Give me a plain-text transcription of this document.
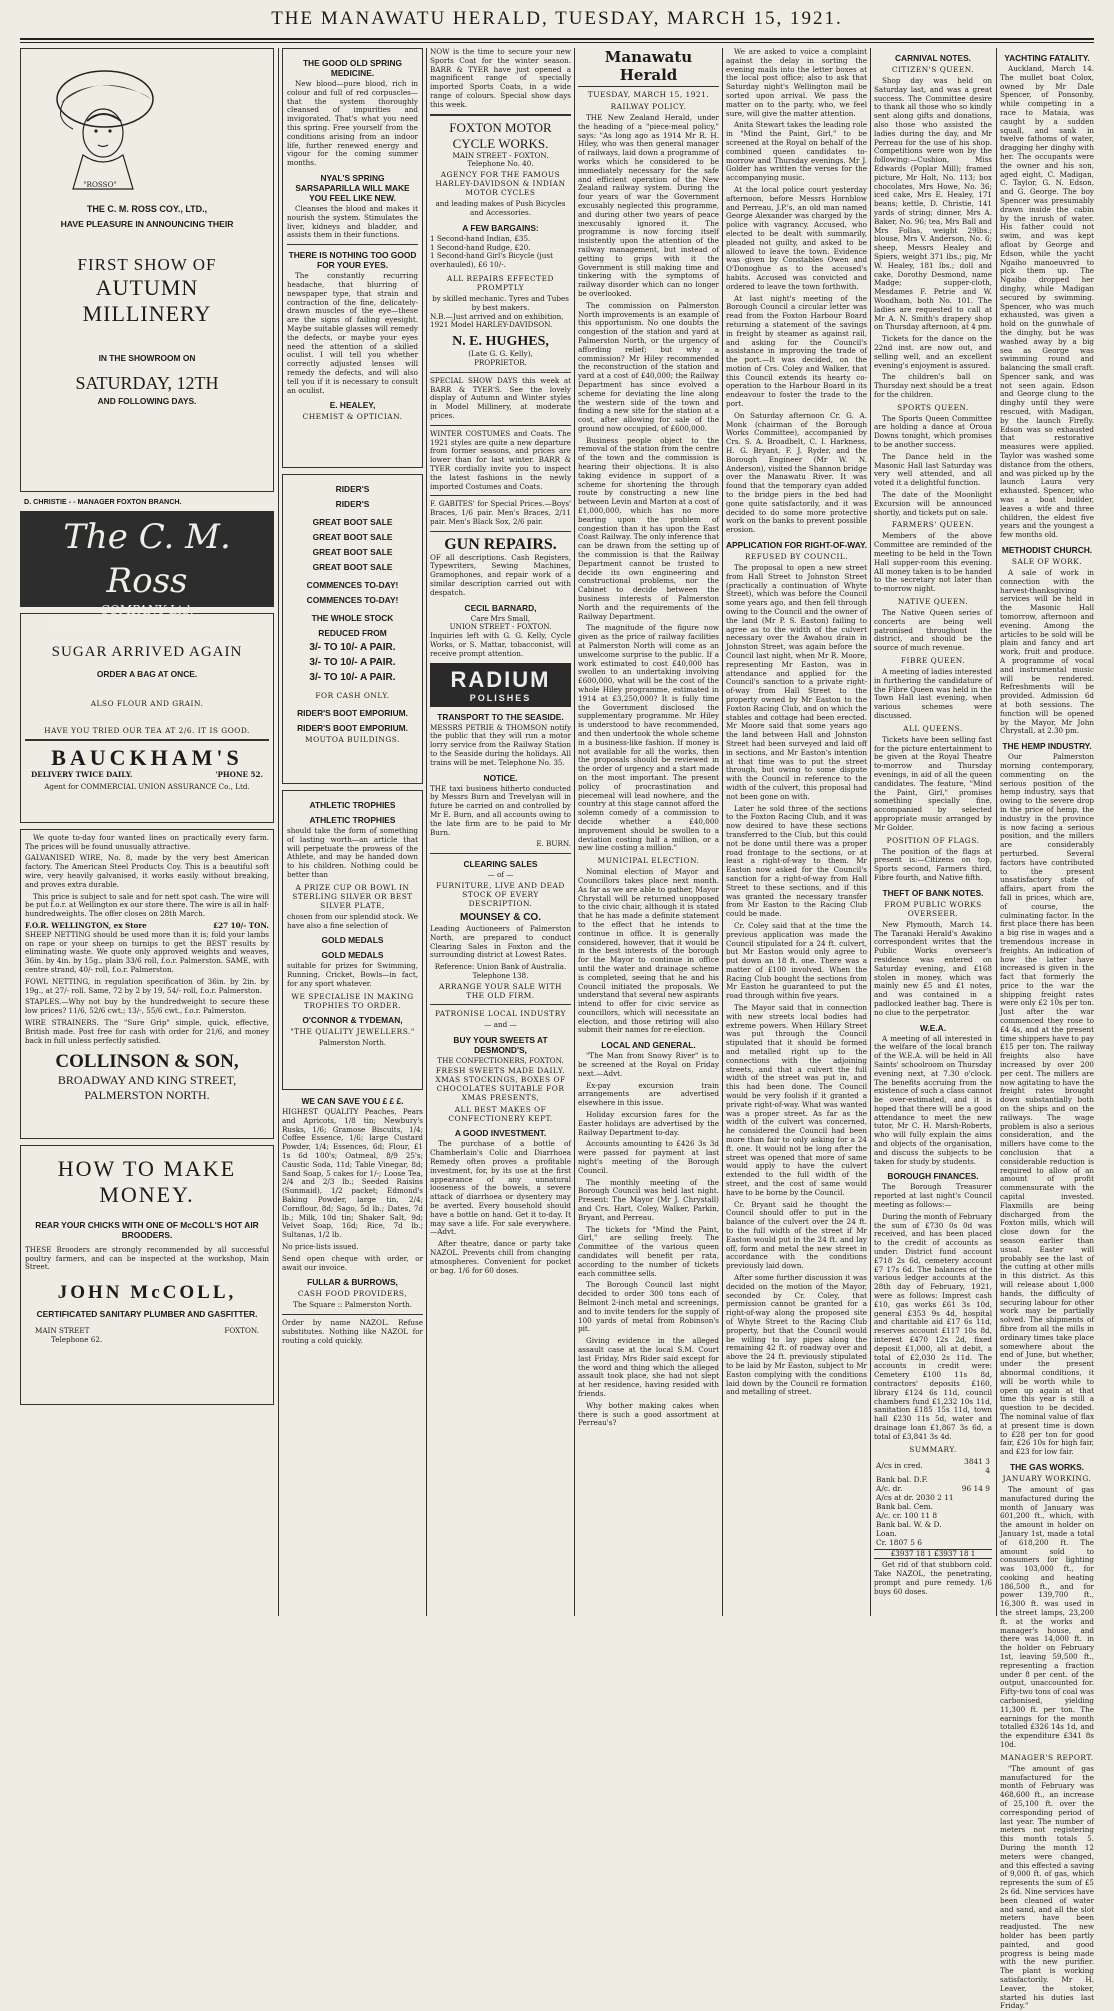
THE MANAWATU HERALD, TUESDAY, MARCH 15, 1921.
"ROSSO"
THE C. M. ROSS COY., LTD.,
HAVE PLEASURE IN ANNOUNCING THEIR
FIRST SHOW OF
AUTUMN MILLINERY
IN THE SHOWROOM ON
SATURDAY, 12TH
AND FOLLOWING DAYS.
D. CHRISTIE - - MANAGER FOXTON BRANCH.
The C. M. Ross
COMPANY Ltd.
PALMERSTON'S FASHION CENTRE
SUGAR ARRIVED AGAIN
ORDER A BAG AT ONCE.
ALSO FLOUR AND GRAIN.
HAVE YOU TRIED OUR TEA AT 2/6. IT IS GOOD.
BAUCKHAM'S
DELIVERY TWICE DAILY.	'PHONE 52.
Agent for COMMERCIAL UNION ASSURANCE Co., Ltd.

We quote to-day four wanted lines on practically every farm. The prices will be found unusually attractive.

GALVANISED WIRE, No. 8, made by the very best American factory. The American Steel Products Coy. This is a beautiful soft wire, very heavily galvanised, it works easily without breaking, and proves extra durable.

This price is subject to sale and for nett spot cash. The wire will be put f.o.r. at Wellington ex our store there. The wire is all in half-hundredweights. The offer closes on 28th March.

F.O.R. WELLINGTON, ex Store	£27 10/- TON.

SHEEP NETTING should be used more than it is; fold your lambs on rape or your sheep on turnips to get the BEST results by eliminating waste. We quote only approved weights and weaves, 36in. by 4in. by 15g., plain 33/6 roll, f.o.r. Palmerston. SAME, with centre strand, 40/- roll, f.o.r. Palmerston.

FOWL NETTING, in regulation specification of 36in. by 2in. by 19g., at 27/- roll. Same, 72 by 2 by 19, 54/- roll, f.o.r. Palmerston.

STAPLES.—Why not buy by the hundredweight to secure these low prices? 11/6, 52/6 cwt.; 13/-, 55/6 cwt., f.o.r. Palmerston.

WIRE STRAINERS. The "Sure Grip" simple, quick, effective, British made. Post free for cash with order for 21/6, and money back in full unless perfectly satisfied.

COLLINSON & SON,
BROADWAY AND KING STREET,
PALMERSTON NORTH.
HOW TO MAKE
MONEY.
REAR YOUR CHICKS WITH ONE OF McCOLL'S HOT AIR BROODERS.

THESE Brooders are strongly recommended by all successful poultry farmers, and can be inspected at the workshop, Main Street.

JOHN McCOLL,
CERTIFICATED SANITARY PLUMBER AND GASFITTER.
MAIN STREET	FOXTON.
Telephone 62.
THE GOOD OLD SPRING MEDICINE.

New blood—pure blood, rich in colour and full of red corpuscles—that the system thoroughly cleansed of impurities and invigorated. That's what you need this spring. Free yourself from the conditions arising from an indoor life, further renewed energy and vigour for the coming summer months.

NYAL'S SPRING SARSAPARILLA WILL MAKE YOU FEEL LIKE NEW.

Cleanses the blood and makes it nourish the system. Stimulates the liver, kidneys and bladder, and assists them in their functions.

THERE IS NOTHING TOO GOOD FOR YOUR EYES.

The constantly recurring headache, that blurring of newspaper type, that strain and contraction of the fine, delicately-drawn muscles of the eye—these are the signs of failing eyesight. Maybe suitable glasses will remedy the defects, or maybe your eyes need the attention of a skilled oculist. I will tell you whether correctly adjusted lenses will remedy the defects, and will also tell you if it is necessary to consult an oculist.

E. HEALEY,
CHEMIST & OPTICIAN.
RIDER'S
RIDER'S
GREAT BOOT SALE
GREAT BOOT SALE
GREAT BOOT SALE
GREAT BOOT SALE
COMMENCES TO-DAY!
COMMENCES TO-DAY!
THE WHOLE STOCK
REDUCED FROM
3/- TO 10/- A PAIR.
3/- TO 10/- A PAIR.
3/- TO 10/- A PAIR.
FOR CASH ONLY.
RIDER'S BOOT EMPORIUM.
RIDER'S BOOT EMPORIUM.
MOUTOA BUILDINGS.
ATHLETIC TROPHIES
ATHLETIC TROPHIES

should take the form of something of lasting worth—an article that will perpetuate the prowess of the Athlete, and may be handed down to his children. Nothing could be better than

A PRIZE CUP OR BOWL IN STERLING SILVER OR BEST SILVER PLATE,

chosen from our splendid stock. We have also a fine selection of

GOLD MEDALS
GOLD MEDALS

suitable for prizes for Swimming, Running, Cricket, Bowls—in fact, for any sport whatever.

WE SPECIALISE IN MAKING TROPHIES TO ORDER.
O'CONNOR & TYDEMAN,
"THE QUALITY JEWELLERS."
Palmerston North.
WE CAN SAVE YOU £ £ £.

HIGHEST QUALITY Peaches, Pears and Apricots, 1/8 tin; Newbury's Rusks, 1/6; Gramose Biscuits, 1/4; Coffee Essence, 1/6; large Custard Powder, 1/4; Essences, 6d; Flour, £1 1s 6d 100's; Oatmeal, 8/9 25's; Caustic Soda, 11d; Table Vinegar, 8d; Sand Soap, 5 cakes for 1/-; Loose Tea, 2/4 and 2/3 lb.; Seeded Raisins (Sunmaid), 1/2 packet; Edmond's Baking Powder, large tin, 2/4; Cornflour, 8d; Sago, 5d lb.; Dates, 7d lb.; Milk, 10d tin; Shaker Salt, 9d; Velvet Soap, 16d; Rice, 7d lb.; Sultanas, 1/2 lb.

No price-lists issued.

Send open cheque with order, or await our invoice.

FULLAR & BURROWS,
CASH FOOD PROVIDERS,
The Square :: Palmerston North.

Order by name NAZOL. Refuse substitutes. Nothing like NAZOL for routing a cold quickly.

NOW is the time to secure your new Sports Coat for the winter season. BARR & TYER have just opened a magnificent range of specially imported Sports Coats, in a wide range of colours. Special show days this week.

FOXTON MOTOR CYCLE WORKS.
MAIN STREET - FOXTON.
Telephone No. 40.
AGENCY FOR THE FAMOUS HARLEY-DAVIDSON & INDIAN MOTOR CYCLES
and leading makes of Push Bicycles and Accessories.
A FEW BARGAINS:
1 Second-hand Indian, £35.
1 Second-hand Rudge, £20.
1 Second-hand Girl's Bicycle (just overhauled), £6 10/-.
ALL REPAIRS EFFECTED PROMPTLY
by skilled mechanic. Tyres and Tubes by best makers.
N.B.—Just arrived and on exhibition, 1921 Model HARLEY-DAVIDSON.
N. E. HUGHES,
(Late G. G. Kelly),
PROPRIETOR.

SPECIAL SHOW DAYS this week at BARR & TYER'S. See the lovely display of Autumn and Winter styles in Model Millinery, at moderate prices.

WINTER COSTUMES and Coats. The 1921 styles are quite a new departure from former seasons, and prices are lower than for last winter. BARR & TYER cordially invite you to inspect the latest fashions in the newly imported Costumes and Coats.

F. GABITES' for Special Prices.—Boys' Braces, 1/6 pair. Men's Braces, 2/11 pair. Men's Black Sox, 2/6 pair.

GUN REPAIRS.

OF all descriptions. Cash Registers, Typewriters, Sewing Machines, Gramophones, and repair work of a similar description carried out with despatch.

CECIL BARNARD,
Care Mrs Small,
UNION STREET - FOXTON.

Inquiries left with G. G. Kelly, Cycle Works, or S. Mattar, tobacconist, will receive prompt attention.

RADIUM
POLISHES
TRANSPORT TO THE SEASIDE.

MESSRS PETRIE & THOMSON notify the public that they will run a motor lorry service from the Railway Station to the Seaside during the holidays. All trains will be met. Telephone No. 35.

NOTICE.

THE taxi business hitherto conducted by Messrs Burn and Trevelyan will in future be carried on and controlled by Mr E. Burn, and all accounts owing to the late firm are to be paid to Mr Burn.

E. BURN.
CLEARING SALES
— of —
FURNITURE, LIVE AND DEAD STOCK OF EVERY DESCRIPTION.
MOUNSEY & CO.

Leading Auctioneers of Palmerston North, are prepared to conduct Clearing Sales in Foxton and the surrounding district at Lowest Rates.

Reference: Union Bank of Australia.
Telephone 138.
ARRANGE YOUR SALE WITH THE OLD FIRM.
PATRONISE LOCAL INDUSTRY
— and —
BUY YOUR SWEETS AT DESMOND'S,
THE CONFECTIONERS, FOXTON.
FRESH SWEETS MADE DAILY. XMAS STOCKINGS, BOXES OF CHOCOLATES SUITABLE FOR XMAS PRESENTS,
ALL BEST MAKES OF CONFECTIONERY KEPT.
A GOOD INVESTMENT.

The purchase of a bottle of Chamberlain's Colic and Diarrhoea Remedy often proves a profitable investment, for, by its use at the first appearance of any unnatural looseness of the bowels, a severe attack of diarrhoea or dysentery may be averted. Every household should have a bottle on hand. Get it to-day. It may save a life. For sale everywhere.—Advt.

After theatre, dance or party take NAZOL. Prevents chill from changing atmospheres. Convenient for pocket or bag. 1/6 for 60 doses.

Manawatu Herald
TUESDAY, MARCH 15, 1921.
RAILWAY POLICY.

THE New Zealand Herald, under the heading of a "piece-meal policy," says: "As long ago as 1914 Mr R. H. Hiley, who was then general manager of railways, laid down a programme of works which he considered to be immediately necessary for the safe and efficient operation of the New Zealand railway system. During the four years of war the Government excusably neglected this programme, and during other two years of peace inexcusably ignored it. The programme is now forcing itself insistently upon the attention of the railway management, but instead of getting to grips with it the Government is still making time and tinkering with the symptoms of railway disorder which can no longer be overlooked.

The commission on Palmerston North improvements is an example of this opportunism. No one doubts the congestion of the station and yard at Palmerston North, or the urgency of affording relief; but why a commission? Mr Hiley recommended the reconstruction of the station and yard at a cost of £40,000; the Railway Department has since evolved a scheme for deviating the line along the western side of the town and finding a new site for the station at a cost, after allowing for sale of the ground now occupied, of £600,000.

Business people object to the removal of the station from the centre of the town and the commission is hearing their objections. It is also taking evidence in support of a scheme for shortening the through route by constructing a new line between Levin and Marton at a cost of £1,000,000, which has no more bearing upon the problem of congestion than it has upon the East Coast Railway. The only inference that can be drawn from the setting up of the commission is that the Railway Department cannot be trusted to decide its own engineering and constructional problems, nor the Cabinet to decide between the business interests of Palmerston North and the requirements of the Railway Department.

The magnitude of the figure now given as the price of railway facilities at Palmerston North will come as an unwelcome surprise to the public. If a work estimated to cost £40,000 has swollen to an undertaking involving £600,000, what will be the cost of the whole Hiley programme, estimated in 1914 at £3,250,000? It is fully time the Government disclosed the supplementary programme. Mr Hiley is understood to have recommended, and then undertook the whole scheme in a business-like fashion. If money is not available for all the works, then the proposals should be reviewed in the order of urgency and a start made on the most important. The present policy of procrastination and piecemeal will lead nowhere, and the country at this stage cannot afford the solemn comedy of a commission to decide whether a £40,000 improvement should be swollen to a deviation costing half a million, or a new line costing a million."

MUNICIPAL ELECTION.

Nominal election of Mayor and Councillors takes place next month. As far as we are able to gather, Mayor Chrystall will be returned unopposed to the civic chair, although it is stated that he has made a definite statement to the effect that he intends to continue in office. It is generally considered, however, that it would be in the best interests of the borough for the Mayor to continue in office until the water and drainage scheme is completed, seeing that he and his Council initiated the proposals. We understand that several new aspirants intend to offer for civic service as councillors, which will necessitate an election, and those retiring will also submit their names for re-election.

LOCAL AND GENERAL.

"The Man from Snowy River" is to be screened at the Royal on Friday next.—Advt.

Ex-pay excursion train arrangements are advertised elsewhere in this issue.

Holiday excursion fares for the Easter holidays are advertised by the Railway Department to-day.

Accounts amounting to £426 3s 3d were passed for payment at last night's meeting of the Borough Council.

The monthly meeting of the Borough Council was held last night. Present: The Mayor (Mr J. Chrystall) and Crs. Hart, Coley, Walker, Parkin, Bryant, and Perreau.

The tickets for "Mind the Paint, Girl," are selling freely. The Committee of the various queen candidates will benefit per rata, according to the number of tickets each committee sells.

The Borough Council last night decided to order 300 tons each of Belmont 2-inch metal and screenings, and to invite tenders for the supply of 100 yards of metal from Robinson's pit.

Giving evidence in the alleged assault case at the local S.M. Court last Friday, Mrs Rider said except for the word and thing which the alleged assault took place, she had not slept at her residence, having resided with friends.

Why bother making cakes when there is such a good assortment at Perreau's?

We are asked to voice a complaint against the delay in sorting the evening mails into the letter boxes at the local post office; also to ask that Saturday night's Wellington mail be sorted upon arrival. We pass the matter on to the party, who, we feel sure, will give the matter attention.

Anita Stewart takes the leading role in "Mind the Paint, Girl," to be screened at the Royal on behalf of the combined queen candidates to-morrow and Thursday evenings. Mr J. Golder has written the verses for the accompanying music.

At the local police court yesterday afternoon, before Messrs Hornblow and Perreau, J.P.'s, an old man named George Alexander was charged by the police with vagrancy. Accused, who elected to be dealt with summarily, pleaded not guilty, and asked to be allowed to leave the town. Evidence was given by Constables Owen and O'Donoghue as to the accused's habits. Accused was convicted and ordered to leave the town forthwith.

At last night's meeting of the Borough Council a circular letter was read from the Foxton Harbour Board returning a statement of the savings in freight by steamer as against rail, and asking for the Council's assistance in improving the trade of the port.—It was decided, on the motion of Crs. Coley and Walker, that this Council extends its hearty co-operation to the Harbour Board in its endeavour to foster the trade to the port.

On Saturday afternoon Cr. G. A. Monk (chairman of the Borough Works Committee), accompanied by Crs. S. A. Broadbelt, C. I. Harkness, H. G. Bryant, F. J. Ryder, and the Borough Engineer (Mr W. N. Anderson), visited the Shannon bridge over the Manawatu River. It was found that the temporary cyan added to the bridge piers in the bed had gone quite satisfactorily, and it was decided to do some more protective work on the banks to prevent possible erosion.

APPLICATION FOR RIGHT-OF-WAY.
REFUSED BY COUNCIL.

The proposal to open a new street from Hall Street to Johnston Street (practically a continuation of Whyte Street), which was before the Council some years ago, and then fell through owing to the Council and the owner of the land (Mr P. S. Easton) failing to agree as to the width of the culvert necessary over the Awahou drain in Johnston Street, was again before the Council last night, when Mr R. Moore, representing Mr Easton, was in attendance and applied for the Council's sanction to a private right-of-way from Hall Street to the property owned by Mr Easton to the Foxton Racing Club, and on which the stables and cottage had been erected. Mr Moore said that some years ago the land between Hall and Johnston Street had been surveyed and laid off in sections, and Mr Easton's intention at that time was to put the street through, but owing to some dispute with the Council in reference to the width of the culvert, this proposal had not been gone on with.

Later he sold three of the sections to the Foxton Racing Club, and it was now desired to have these sections transferred to the Club, but this could not be done until there was a proper road frontage to the sections, or at least a right-of-way to them. Mr Easton now asked for the Council's sanction for a right-of-way from Hall Street to these sections, and if this was granted the necessary transfer from Mr Easton to the Racing Club could be made.

Cr. Coley said that at the time the previous application was made the Council stipulated for a 24 ft. culvert, but Mr Easton would only agree to put down an 18 ft. one. There was a matter of £100 involved. When the Racing Club bought the sections from Mr Easton he guaranteed to put the road through within five years.

The Mayor said that in connection with new streets local bodies had extreme powers. When Hillary Street was put through the Council stipulated that it should be formed and metalled right up to the connections with the adjoining streets, and that a culvert the full width of the street was put in, and this had been done. The Council would be very foolish if it granted a private right-of-way. What was wanted was a proper street. As far as the width of the culvert was concerned, he considered the Council had been more than fair to only asking for a 24 ft. one. It would not be long after the street was opened that more of same would apply to have the culvert extended to the full width of the street, and the cost of same would have to be borne by the Council.

Cr. Bryant said he thought the Council should offer to put in the balance of the culvert over the 24 ft. to the full width of the street if Mr Easton would put in the 24 ft. and lay off, form and metal the new street in accordance with the conditions previously laid down.

After some further discussion it was decided on the motion of the Mayor, seconded by Cr. Coley, that permission cannot be granted for a right-of-way along the proposed site of Whyte Street to the Racing Club property, but that the Council would be willing to lay pipes along the remaining 42 ft. of roadway over and above the 24 ft. previously stipulated to be laid by Mr Easton, subject to Mr Easton complying with the conditions laid down by the Council re formation and metalling of street.

CARNIVAL NOTES.
CITIZEN'S QUEEN.

Shop day was held on Saturday last, and was a great success. The Committee desire to thank all those who so kindly sent along gifts and donations, also those who assisted the ladies during the day, and Mr Perreau for the use of his shop. Competitions were won by the following:—Cushion, Miss Edwards (Poplar Mill); framed picture, Mr Holt, No. 113; box chocolates, Mrs Howe, No. 36; iced cake, Mrs E. Healey, 171 beans; kettle, D. Christie, 141 yards of string; dinner, Mrs A. Baker, No. 96; tea, Mrs Ball and Mrs Follas, weight 29lbs.; blouse, Mrs V. Anderson, No. 6; sheep, Messrs Healey and Spiers, weight 371 lbs.; pig, Mr W. Healey, 181 lbs.; doll and cake, Dorothy Desmond, name Madge; supper-cloth, Mesdames F. Petrie and W. Woodham, both No. 101. The ladies are requested to call at Mr A. N. Smith's drapery shop on Thursday afternoon, at 4 pm.

Tickets for the dance on the 22nd inst. are now out, and selling well, and an excellent evening's enjoyment is assured.

The children's ball on Thursday next should be a treat for the children.

SPORTS QUEEN.

The Sports Queen Committee are holding a dance at Oroua Downs tonight, which promises to be another success.

The Dance held in the Masonic Hall last Saturday was very well attended, and all voted it a delightful function.

The date of the Moonlight Excursion will be announced shortly, and tickets put on sale.

FARMERS' QUEEN.

Members of the above Committee are reminded of the meeting to be held in the Town Hall supper-room this evening. All money taken is to be handed to the secretary not later than to-morrow night.

NATIVE QUEEN.

The Native Queen series of concerts are being well patronised throughout the district, and should be the source of much revenue.

FIBRE QUEEN.

A meeting of ladies interested in furthering the candidature of the Fibre Queen was held in the Town Hall last evening, when various schemes were discussed.

ALL QUEENS.

Tickets have been selling fast for the picture entertainment to be given at the Royal Theatre to-morrow and Thursday evenings, in aid of all the queen candidates. The feature, "Mind the Paint, Girl," promises something specially fine, accompanied by selected appropriate music arranged by Mr Golder.

POSITION OF FLAGS.

The position of the flags at present is:—Citizens on top, Sports second, Farmers third, Fibre fourth, and Native fifth.

THEFT OF BANK NOTES.
FROM PUBLIC WORKS OVERSEER.

New Plymouth, March 14. The Taranaki Herald's Awakino correspondent writes that the Public Works overseer's residence was entered on Saturday evening, and £168 stolen in money, which was mainly new £5 and £1 notes, and was contained in a padlocked leather bag. There is no clue to the perpetrator.

W.E.A.

A meeting of all interested in the welfare of the local branch of the W.E.A. will be held in All Saints' schoolroom on Thursday evening next, at 7.30 o'clock. The benefits accruing from the existence of such a class cannot be over-estimated, and it is hoped that there will be a good attendance to meet the new tutor, Mr C. H. Marsh-Roberts, who will fully explain the aims and objects of the organisation, and discuss the subjects to be taken for study by students.

BOROUGH FINANCES.

The Borough Treasurer reported at last night's Council meeting as follows:—

During the month of February the sum of £730 0s 0d was received, and has been placed to the credit of accounts as under: District fund account £718 2s 6d, cemetery account £7 17s 6d. The balances of the various ledger accounts at the 28th day of February, 1921, were as follows: Imprest cash £10, gas works £61 3s 10d, general £353 9s 4d, hospital and charitable aid £17 6s 11d, reserves account £117 10s 8d, interest £470 12s 2d, fixed deposit £1,000, all at debit, a total of £2,030 2s 11d. The accounts in credit were: Cemetery £100 11s 8d, contractors' deposits £160, library £124 6s 11d, council chambers fund £1,232 10s 11d, sanitation £185 15s 11d, town hall £230 11s 5d, water and drainage loan £1,867 3s 6d, a total of £3,841 3s 4d.

SUMMARY.
A/cs in cred.	3841 3 4
Bank bal. D.F.	
A/c. dr.	96 14 9
A/cs at dr. 2030 2 11	
Bank bal. Cem.	
A/c. cr. 100 11 8	
Bank bal. W. & D. Loan.	
Cr. 1807 5 6	
£3937 18 1 £3937 18 1

Get rid of that stubborn cold. Take NAZOL, the penetrating, prompt and pure remedy. 1/6 buys 60 doses.

YACHTING FATALITY.

Auckland, March 14. The mullet boat Colox, owned by Mr Dale Spencer, of Ponsonby, while competing in a race to Mataia, was caught by a sudden squall, and sank in twelve fathoms of water, dragging her dinghy with her. The occupants were the owner and his son, aged eight, C. Madigan, C. Taylor, G. N. Edson, and G. George. The boy Spencer was presumably drawn inside the cabin by the inrush of water. His father could not swim, and was kept afloat by George and Edson, while the yacht Ngaiho manoeuvred to pick them up. The Ngaiho dropped her dinghy, while Madigan secured by swimming. Spencer, who was much exhausted, was given a hold on the gunwhale of the dinghy, but he was washed away by a big sea as George was swimming round and balancing the small craft. Spencer sank, and was not seen again. Edson and George clung to the dinghy until they were rescued, with Madigan, by the launch Firefly. Edson was so exhausted that restorative measures were applied. Taylor was washed some distance from the others, and was picked up by the launch Laura very exhausted. Spencer, who was a boat builder, leaves a wife and three children, the eldest five years and the youngest a few months old.

METHODIST CHURCH.
SALE OF WORK.

A sale of work in connection with the harvest-thanksgiving services will be held in the Masonic Hall tomorrow, afternoon and evening. Among the articles to be sold will be plain and fancy and art work, fruit and produce. A programme of vocal and instrumental music will be rendered. Refreshments will be provided. Admission 6d at both sessions. The function will be opened by the Mayor, Mr John Chrystall, at 2.30 pm.

THE HEMP INDUSTRY.

Our Palmerston morning contemporary, commenting on the serious position of the hemp industry, says that owing to the severe drop in the price of hemp, the industry in the province is now facing a serious position, and the millers are considerably perturbed. Several factors have contributed to the present unsatisfactory state of affairs, apart from the fall in prices, which are, of course, the culminating factor. In the first place there has been a big rise in wages and a tremendous increase in freights. An indication of how the latter have increased is given in the fact that formerly the price to the war the shipping freight rates were only £2 10s per ton. Just after the war commenced they rose to £4 4s, and at the present time shippers have to pay £15 per ton. The railway freights also have increased by over 200 per cent. The millers are now agitating to have the freight rates brought down substantially both on the ships and on the railways. The wage problem is also a serious consideration, and the millers have come to the conclusion that a considerable reduction is required to allow of an amount of profit commensurate with the capital invested. Flaxmills are being discharged from the Foxton mills, which will close down for the season earlier than usual. Easter will probably see the last of the cutting at other mills in this district. As this will release about 1,000 hands, the difficulty of securing labour for other work may be partially solved. The shipments of fibre from all the mills in ordinary times take place somewhere about the end of June, but whether, under the present abnormal conditions, it will be worth while to open up again at that time this year is still a question to be decided. The nominal value of flax at present time is down to £28 per ton for good fair, £26 10s for high fair, and £23 for low fair.

THE GAS WORKS.
JANUARY WORKING.

The amount of gas manufactured during the month of January was 601,200 ft., which, with the amount in holder on January 1st, made a total of 618,200 ft. The amount sold to consumers for lighting was 103,000 ft., for cooking and heating 186,500 ft., and for power 139,700 ft., 16,300 ft. was used in the street lamps, 23,200 ft. at the works and manager's house, and there was 14,000 ft. in the holder on February 1st, leaving 59,500 ft., representing a fraction under 8 per cent. of the output, unaccounted for. Fifty-two tons of coal was carbonised, yielding 11,300 ft. per ton. The earnings for the month totalled £326 14s 1d, and the expenditure £341 8s 10d.

MANAGER'S REPORT.

"The amount of gas manufactured for the month of February was 468,600 ft., an increase of 25,100 ft. over the corresponding period of last year. The number of meters not registering this month totals 5. During the month 12 meters were changed, and this effected a saving of 9,000 ft. of gas, which represents the sum of £5 2s 6d. Nine services have been cleaned of water and sand, and all the slot meters have been readjusted. The new holder has been partly painted, and good progress is being made with the new purifier. The plant is working satisfactorily. Mr H. Leaver, the stoker, started his duties last Friday."
